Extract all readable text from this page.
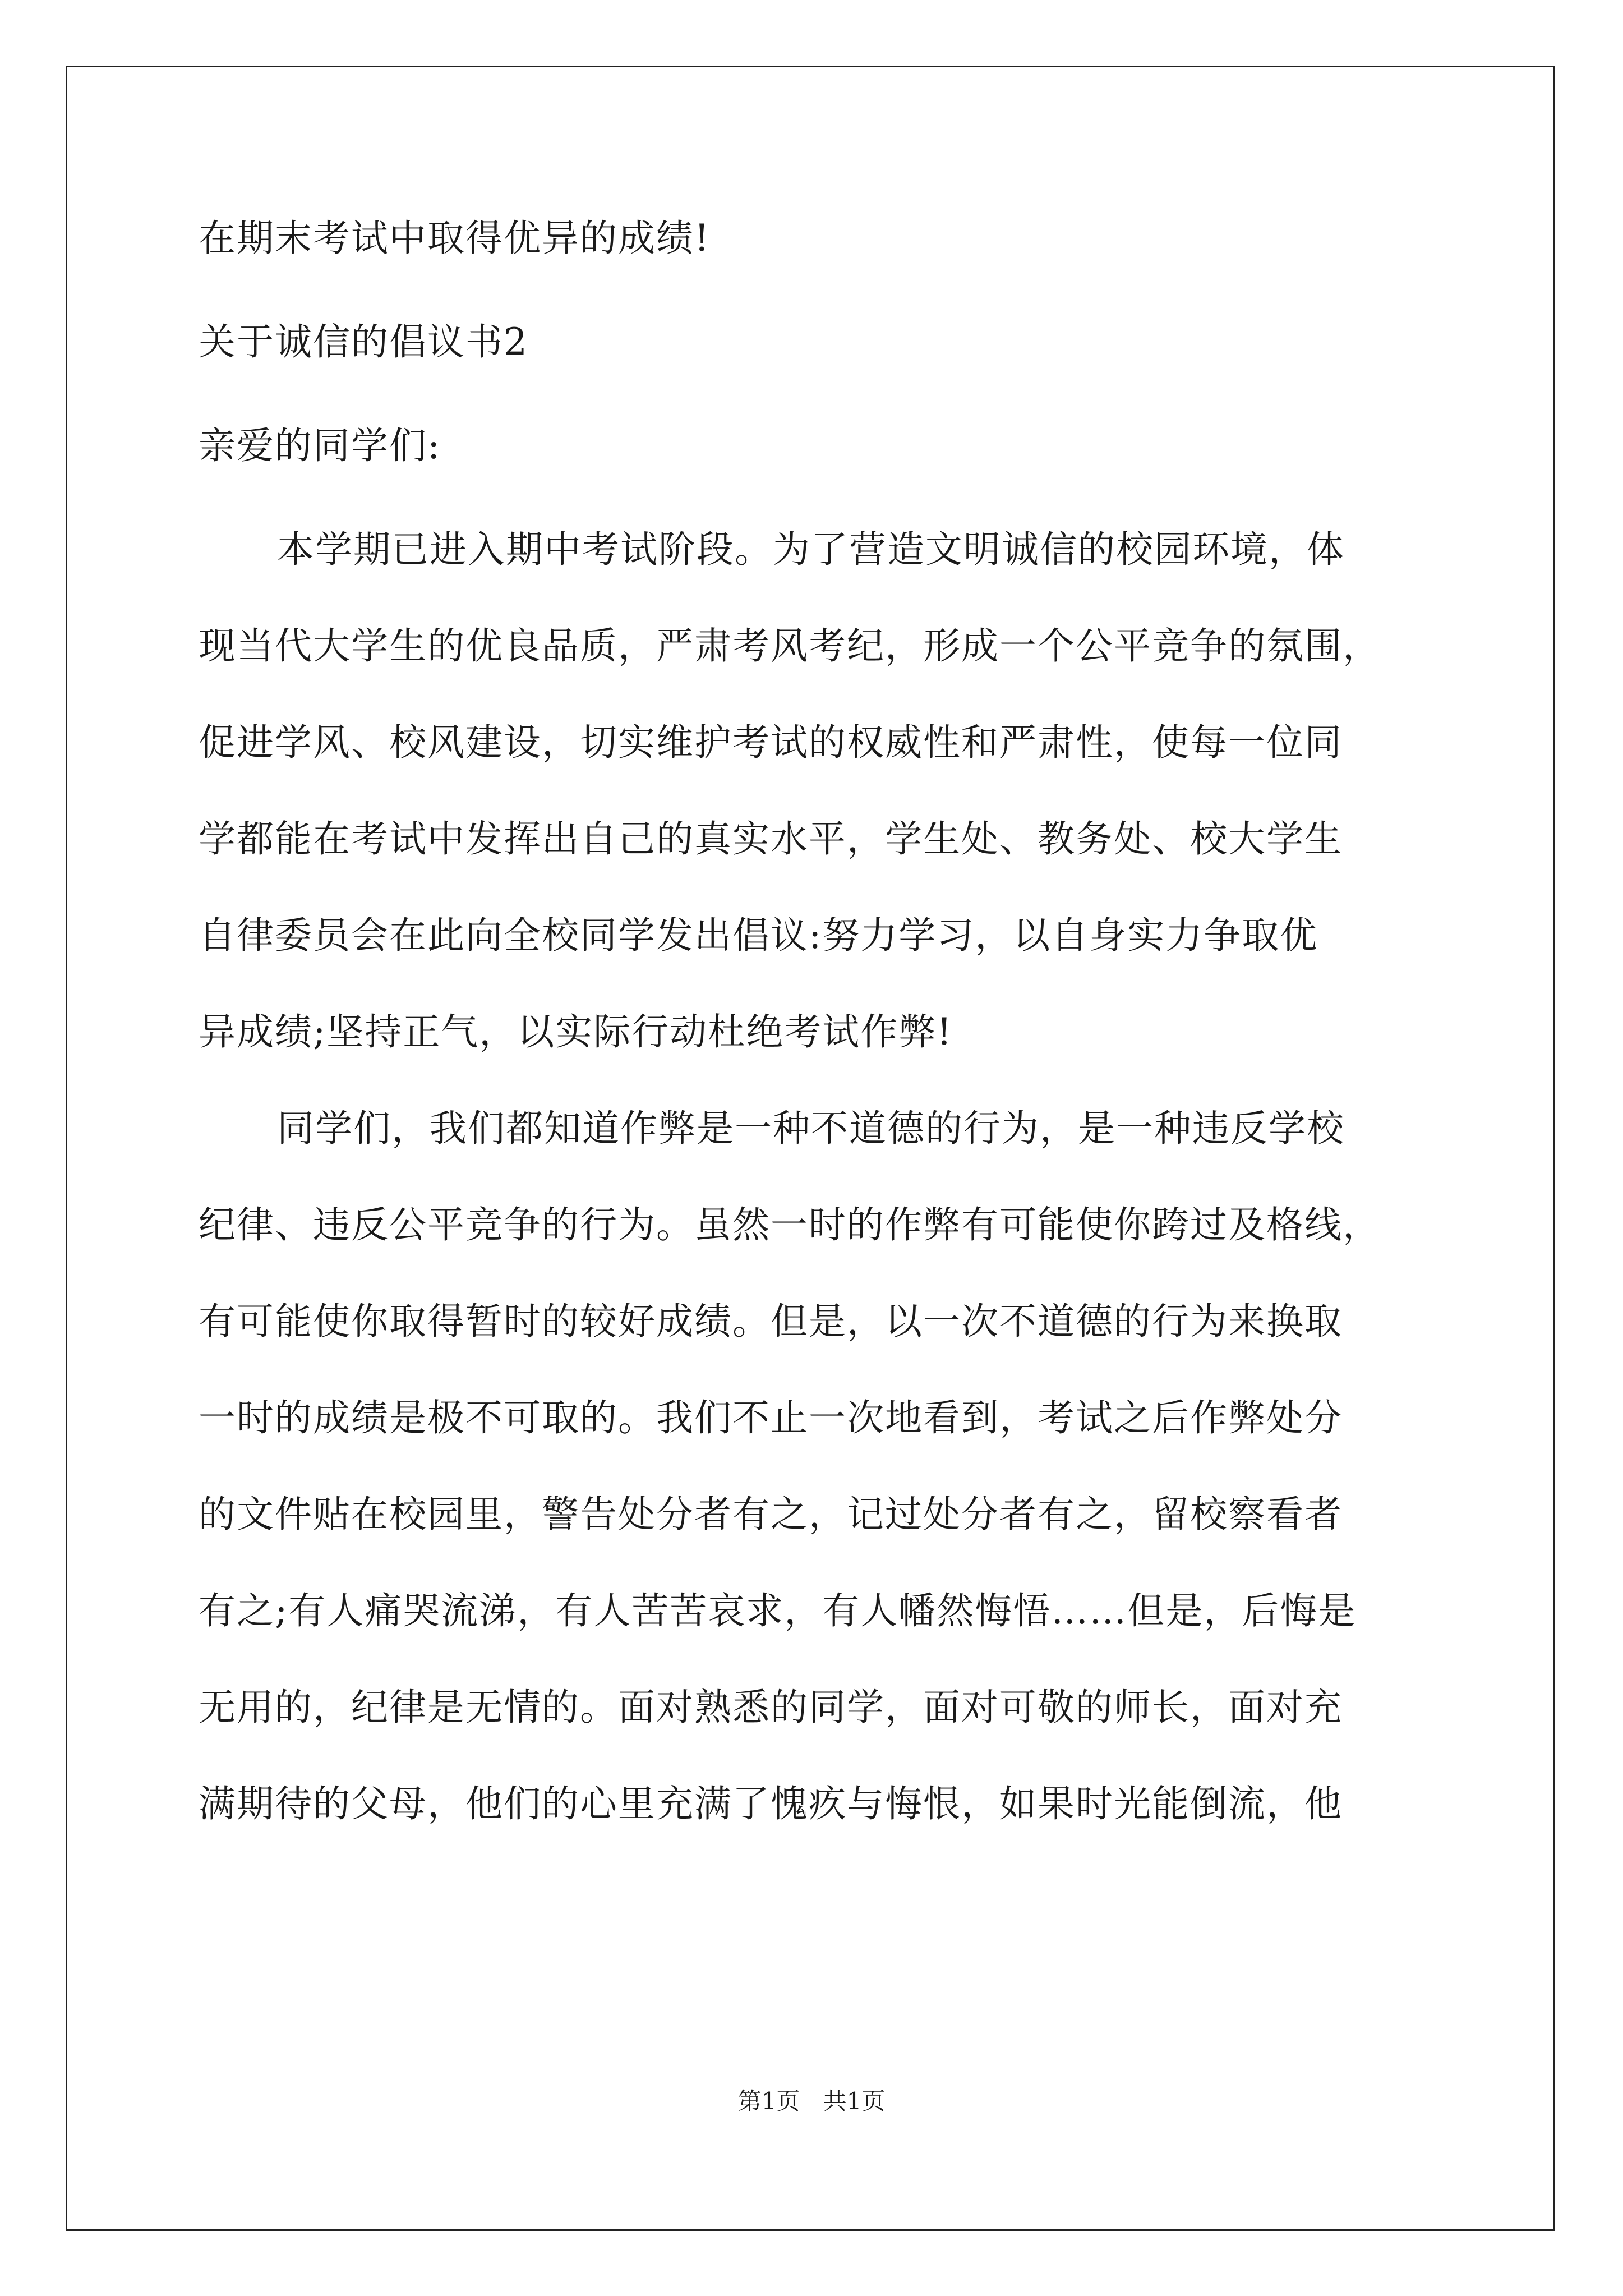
在期末考试中取得优异的成绩!
关于诚信的倡议书2
亲爱的同学们:
本学期已进入期中考试阶段。为了营造文明诚信的校园环境，体
现当代大学生的优良品质，严肃考风考纪，形成一个公平竞争的氛围，
促进学风、校风建设，切实维护考试的权威性和严肃性，使每一位同
学都能在考试中发挥出自己的真实水平，学生处、教务处、校大学生
自律委员会在此向全校同学发出倡议:努力学习，以自身实力争取优
异成绩;坚持正气，以实际行动杜绝考试作弊!
同学们，我们都知道作弊是一种不道德的行为，是一种违反学校
纪律、违反公平竞争的行为。虽然一时的作弊有可能使你跨过及格线，
有可能使你取得暂时的较好成绩。但是，以一次不道德的行为来换取
一时的成绩是极不可取的。我们不止一次地看到，考试之后作弊处分
的文件贴在校园里，警告处分者有之，记过处分者有之，留校察看者
有之;有人痛哭流涕，有人苦苦哀求，有人幡然悔悟……但是，后悔是
无用的，纪律是无情的。面对熟悉的同学，面对可敬的师长，面对充
满期待的父母，他们的心里充满了愧疚与悔恨，如果时光能倒流，他
第1页 共1页
